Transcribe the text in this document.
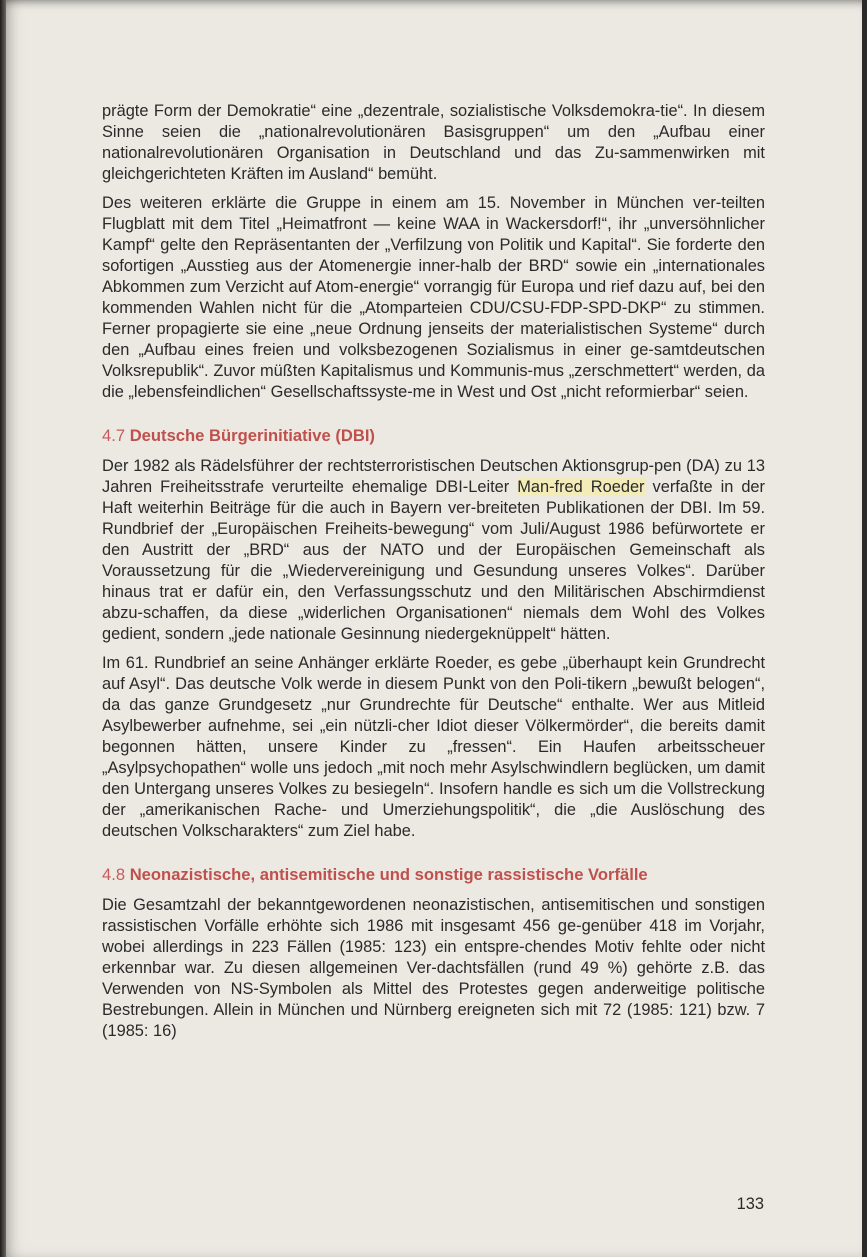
prägte Form der Demokratie“ eine „dezentrale, sozialistische Volksdemokra-tie“. In diesem Sinne seien die „nationalrevolutionären Basisgruppen“ um den „Aufbau einer nationalrevolutionären Organisation in Deutschland und das Zu-sammenwirken mit gleichgerichteten Kräften im Ausland“ bemüht.

Des weiteren erklärte die Gruppe in einem am 15. November in München ver-teilten Flugblatt mit dem Titel „Heimatfront — keine WAA in Wackersdorf!“, ihr „unversöhnlicher Kampf“ gelte den Repräsentanten der „Verfilzung von Politik und Kapital“. Sie forderte den sofortigen „Ausstieg aus der Atomenergie inner-halb der BRD“ sowie ein „internationales Abkommen zum Verzicht auf Atom-energie“ vorrangig für Europa und rief dazu auf, bei den kommenden Wahlen nicht für die „Atomparteien CDU/CSU-FDP-SPD-DKP“ zu stimmen. Ferner propagierte sie eine „neue Ordnung jenseits der materialistischen Systeme“ durch den „Aufbau eines freien und volksbezogenen Sozialismus in einer ge-samtdeutschen Volksrepublik“. Zuvor müßten Kapitalismus und Kommunis-mus „zerschmettert“ werden, da die „lebensfeindlichen“ Gesellschaftssyste-me in West und Ost „nicht reformierbar“ seien.

4.7 Deutsche Bürgerinitiative (DBI)

Der 1982 als Rädelsführer der rechtsterroristischen Deutschen Aktionsgrup-pen (DA) zu 13 Jahren Freiheitsstrafe verurteilte ehemalige DBI-Leiter Man-fred Roeder verfaßte in der Haft weiterhin Beiträge für die auch in Bayern ver-breiteten Publikationen der DBI. Im 59. Rundbrief der „Europäischen Freiheits-bewegung“ vom Juli/August 1986 befürwortete er den Austritt der „BRD“ aus der NATO und der Europäischen Gemeinschaft als Voraussetzung für die „Wiedervereinigung und Gesundung unseres Volkes“. Darüber hinaus trat er dafür ein, den Verfassungsschutz und den Militärischen Abschirmdienst abzu-schaffen, da diese „widerlichen Organisationen“ niemals dem Wohl des Volkes gedient, sondern „jede nationale Gesinnung niedergeknüppelt“ hätten.

Im 61. Rundbrief an seine Anhänger erklärte Roeder, es gebe „überhaupt kein Grundrecht auf Asyl“. Das deutsche Volk werde in diesem Punkt von den Poli-tikern „bewußt belogen“, da das ganze Grundgesetz „nur Grundrechte für Deutsche“ enthalte. Wer aus Mitleid Asylbewerber aufnehme, sei „ein nützli-cher Idiot dieser Völkermörder“, die bereits damit begonnen hätten, unsere Kinder zu „fressen“. Ein Haufen arbeitsscheuer „Asylpsychopathen“ wolle uns jedoch „mit noch mehr Asylschwindlern beglücken, um damit den Untergang unseres Volkes zu besiegeln“. Insofern handle es sich um die Vollstreckung der „amerikanischen Rache- und Umerziehungspolitik“, die „die Auslöschung des deutschen Volkscharakters“ zum Ziel habe.

4.8 Neonazistische, antisemitische und sonstige rassistische Vorfälle

Die Gesamtzahl der bekanntgewordenen neonazistischen, antisemitischen und sonstigen rassistischen Vorfälle erhöhte sich 1986 mit insgesamt 456 ge-genüber 418 im Vorjahr, wobei allerdings in 223 Fällen (1985: 123) ein entspre-chendes Motiv fehlte oder nicht erkennbar war. Zu diesen allgemeinen Ver-dachtsfällen (rund 49 %) gehörte z.B. das Verwenden von NS-Symbolen als Mittel des Protestes gegen anderweitige politische Bestrebungen. Allein in München und Nürnberg ereigneten sich mit 72 (1985: 121) bzw. 7 (1985: 16)

133
